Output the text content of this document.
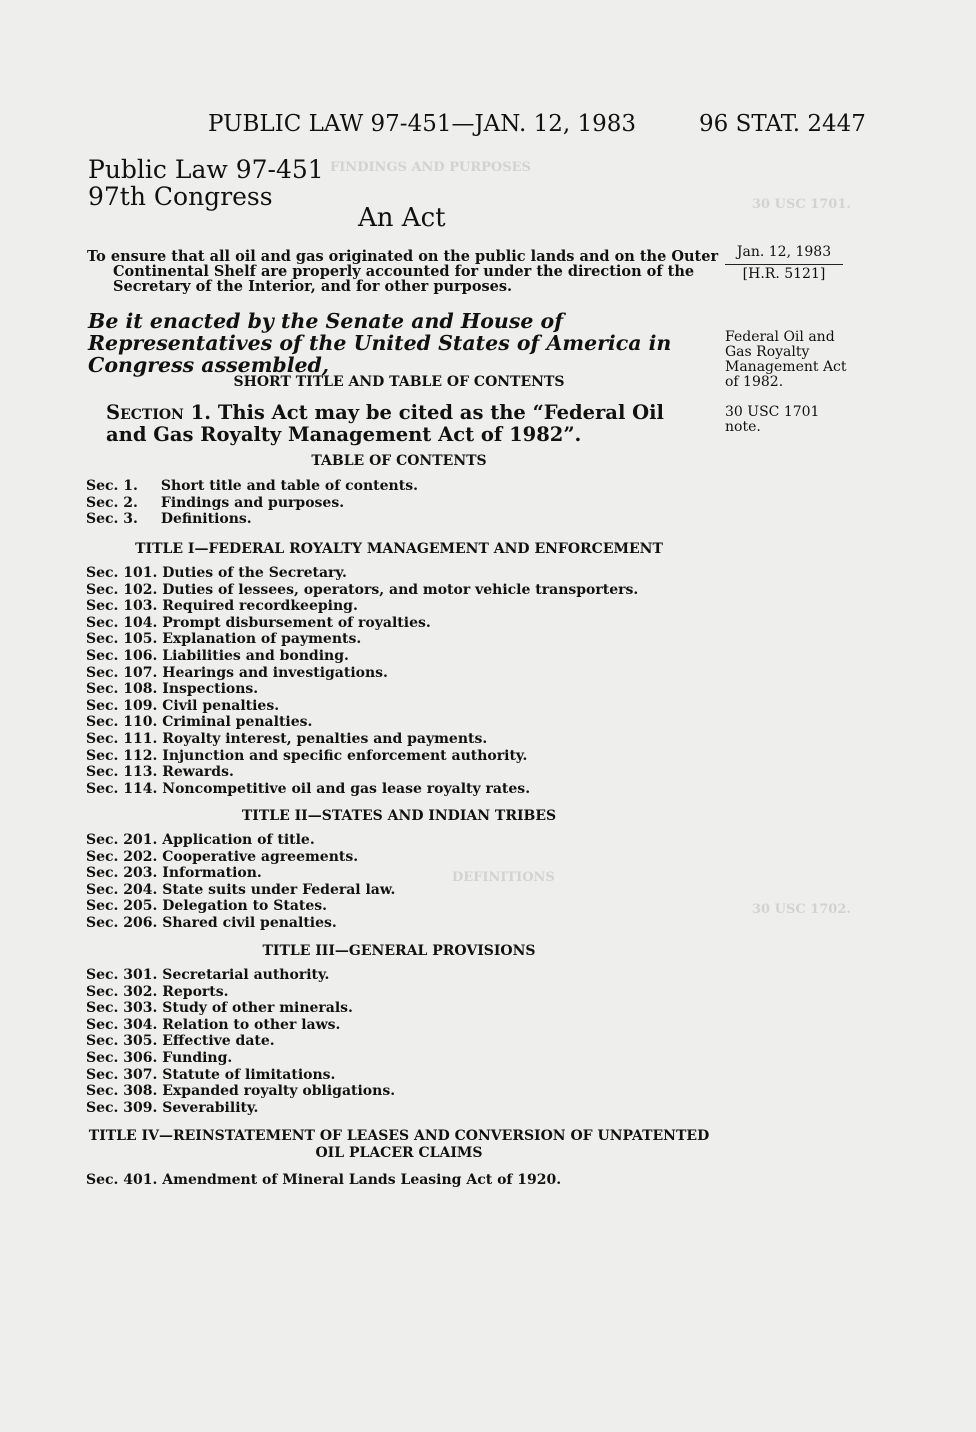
FINDINGS AND PURPOSES
30 USC 1701.
DEFINITIONS
30 USC 1702.
PUBLIC LAW 97-451—JAN. 12, 1983	96 STAT. 2447
Public Law 97-451
97th Congress
An Act
To ensure that all oil and gas originated on the public lands and on the Outer Continental Shelf are properly accounted for under the direction of the Secretary of the Interior, and for other purposes.
Be it enacted by the Senate and House of Representatives of the United States of America in Congress assembled,
SHORT TITLE AND TABLE OF CONTENTS
Section 1. This Act may be cited as the “Federal Oil and Gas Royalty Management Act of 1982”.
TABLE OF CONTENTS
Sec. 1. Short title and table of contents.
Sec. 2. Findings and purposes.
Sec. 3. Definitions.
TITLE I—FEDERAL ROYALTY MANAGEMENT AND ENFORCEMENT
Sec. 101. Duties of the Secretary.
Sec. 102. Duties of lessees, operators, and motor vehicle transporters.
Sec. 103. Required recordkeeping.
Sec. 104. Prompt disbursement of royalties.
Sec. 105. Explanation of payments.
Sec. 106. Liabilities and bonding.
Sec. 107. Hearings and investigations.
Sec. 108. Inspections.
Sec. 109. Civil penalties.
Sec. 110. Criminal penalties.
Sec. 111. Royalty interest, penalties and payments.
Sec. 112. Injunction and specific enforcement authority.
Sec. 113. Rewards.
Sec. 114. Noncompetitive oil and gas lease royalty rates.
TITLE II—STATES AND INDIAN TRIBES
Sec. 201. Application of title.
Sec. 202. Cooperative agreements.
Sec. 203. Information.
Sec. 204. State suits under Federal law.
Sec. 205. Delegation to States.
Sec. 206. Shared civil penalties.
TITLE III—GENERAL PROVISIONS
Sec. 301. Secretarial authority.
Sec. 302. Reports.
Sec. 303. Study of other minerals.
Sec. 304. Relation to other laws.
Sec. 305. Effective date.
Sec. 306. Funding.
Sec. 307. Statute of limitations.
Sec. 308. Expanded royalty obligations.
Sec. 309. Severability.
TITLE IV—REINSTATEMENT OF LEASES AND CONVERSION OF UNPATENTED OIL PLACER CLAIMS
Sec. 401. Amendment of Mineral Lands Leasing Act of 1920.
Jan. 12, 1983
[H.R. 5121]
Federal Oil and Gas Royalty Management Act of 1982.
30 USC 1701 note.
